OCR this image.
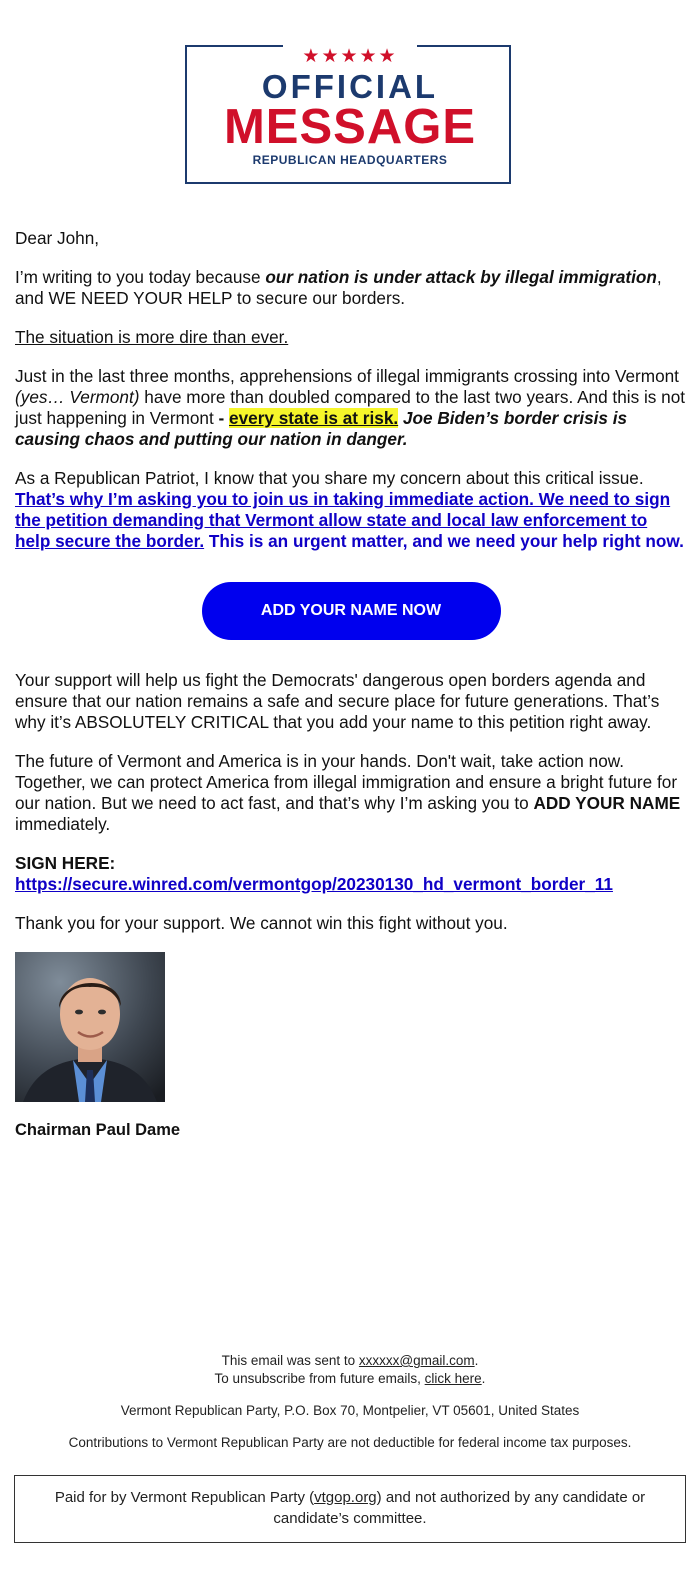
★★★★★
OFFICIAL
MESSAGE
REPUBLICAN HEADQUARTERS

Dear John,

I’m writing to you today because our nation is under attack by illegal immigration, and WE NEED YOUR HELP to secure our borders.

The situation is more dire than ever.

Just in the last three months, apprehensions of illegal immigrants crossing into Vermont (yes… Vermont) have more than doubled compared to the last two years. And this is not just happening in Vermont - every state is at risk. Joe Biden’s border crisis is causing chaos and putting our nation in danger.

As a Republican Patriot, I know that you share my concern about this critical issue. That’s why I’m asking you to join us in taking immediate action. We need to sign the petition demanding that Vermont allow state and local law enforcement to help secure the border. This is an urgent matter, and we need your help right now.

ADD YOUR NAME NOW

Your support will help us fight the Democrats' dangerous open borders agenda and ensure that our nation remains a safe and secure place for future generations. That’s why it’s ABSOLUTELY CRITICAL that you add your name to this petition right away.

The future of Vermont and America is in your hands. Don't wait, take action now. Together, we can protect America from illegal immigration and ensure a bright future for our nation. But we need to act fast, and that’s why I’m asking you to ADD YOUR NAME immediately.

SIGN HERE:
https://secure.winred.com/vermontgop/20230130_hd_vermont_border_11

Thank you for your support. We cannot win this fight without you.

Chairman Paul Dame

This email was sent to xxxxxx@gmail.com.
To unsubscribe from future emails, click here.

Vermont Republican Party, P.O. Box 70, Montpelier, VT 05601, United States

Contributions to Vermont Republican Party are not deductible for federal income tax purposes.

Paid for by Vermont Republican Party (vtgop.org) and not authorized by any candidate or candidate’s committee.
